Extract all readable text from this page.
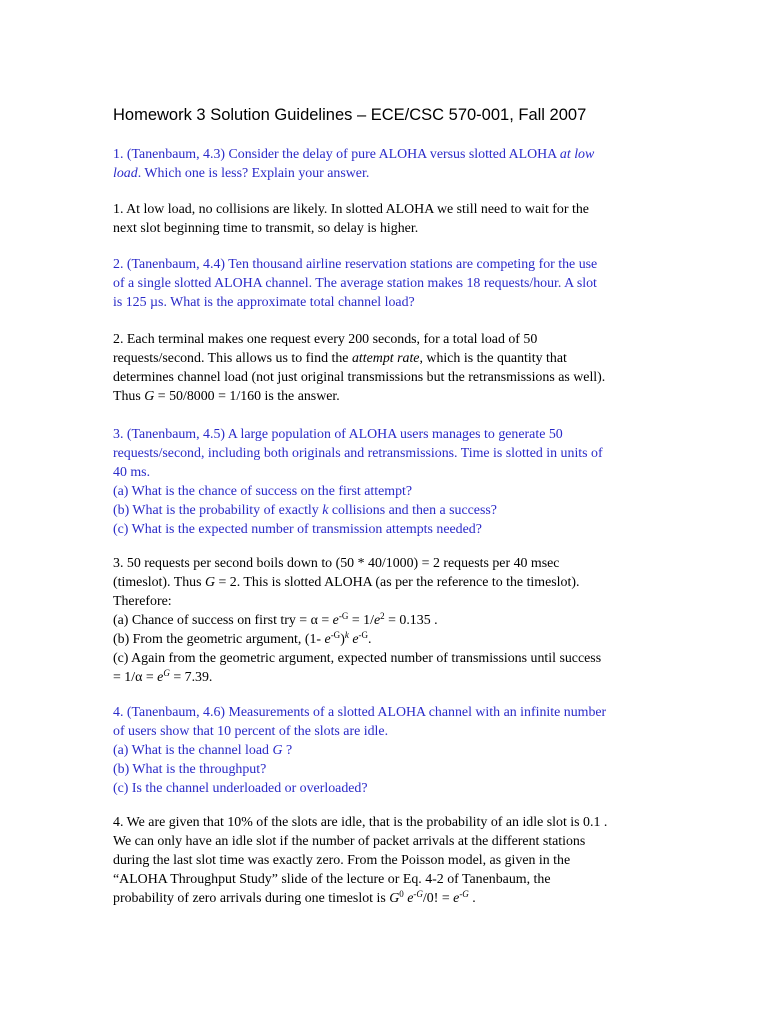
Homework 3 Solution Guidelines – ECE/CSC 570-001, Fall 2007
1. (Tanenbaum, 4.3) Consider the delay of pure ALOHA versus slotted ALOHA at low
load. Which one is less? Explain your answer.
1. At low load, no collisions are likely. In slotted ALOHA we still need to wait for the
next slot beginning time to transmit, so delay is higher.
2. (Tanenbaum, 4.4) Ten thousand airline reservation stations are competing for the use
of a single slotted ALOHA channel. The average station makes 18 requests/hour. A slot
is 125 µs. What is the approximate total channel load?
2. Each terminal makes one request every 200 seconds, for a total load of 50
requests/second. This allows us to find the attempt rate, which is the quantity that
determines channel load (not just original transmissions but the retransmissions as well).
Thus G = 50/8000 = 1/160 is the answer.
3. (Tanenbaum, 4.5) A large population of ALOHA users manages to generate 50
requests/second, including both originals and retransmissions. Time is slotted in units of
40 ms.
(a) What is the chance of success on the first attempt?
(b) What is the probability of exactly k collisions and then a success?
(c) What is the expected number of transmission attempts needed?
3. 50 requests per second boils down to (50 * 40/1000) = 2 requests per 40 msec
(timeslot). Thus G = 2. This is slotted ALOHA (as per the reference to the timeslot).
Therefore:
(a) Chance of success on first try = $\alpha = e^{-G} = 1/e^2 = 0.135$ .
(b) From the geometric argument, (1- $e^{-G})^k$ $e^{-G}$.
(c) Again from the geometric argument, expected number of transmissions until success
= $1/\alpha = e^G = 7.39$.
4. (Tanenbaum, 4.6) Measurements of a slotted ALOHA channel with an infinite number
of users show that 10 percent of the slots are idle.
(a) What is the channel load G ?
(b) What is the throughput?
(c) Is the channel underloaded or overloaded?
4. We are given that 10% of the slots are idle, that is the probability of an idle slot is 0.1 .
We can only have an idle slot if the number of packet arrivals at the different stations
during the last slot time was exactly zero. From the Poisson model, as given in the
“ALOHA Throughput Study” slide of the lecture or Eq. 4-2 of Tanenbaum, the
probability of zero arrivals during one timeslot is $G^0$ $e^{-G}/0$! = $e^{-G}$ .
